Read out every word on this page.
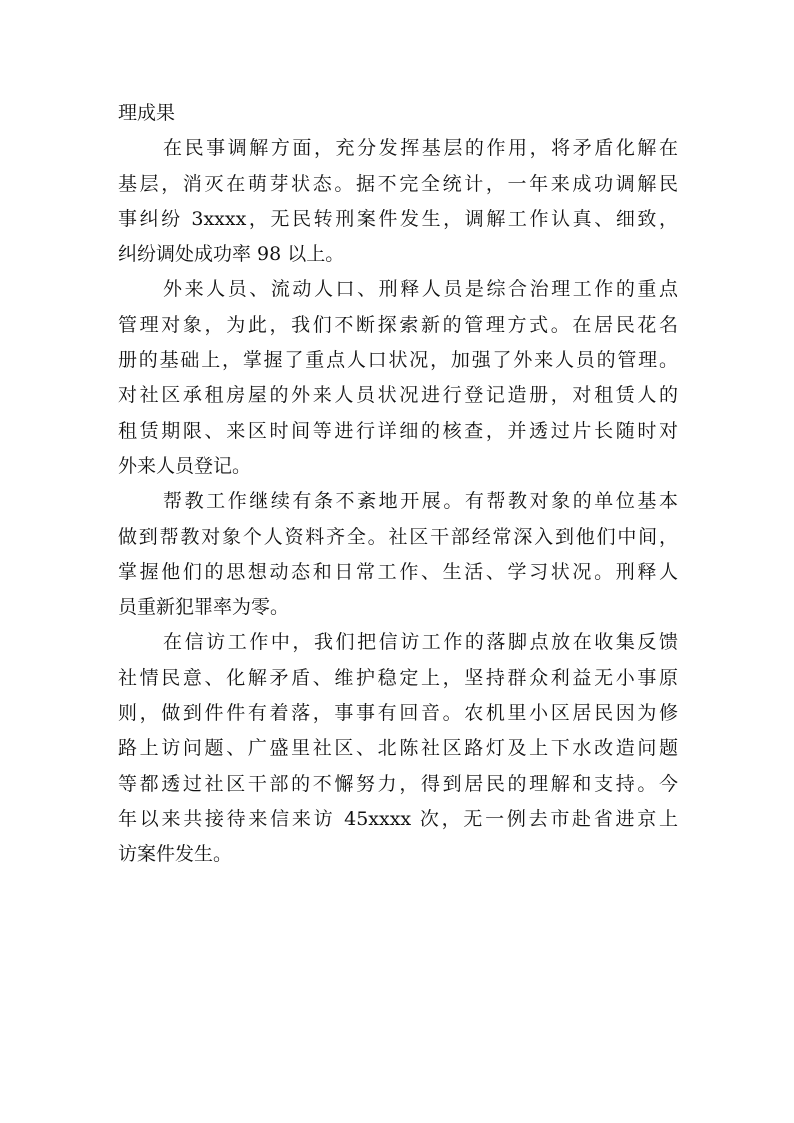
理成果
在民事调解方面，充分发挥基层的作用，将矛盾化解在
基层，消灭在萌芽状态。据不完全统计，一年来成功调解民
事纠纷 3xxxx，无民转刑案件发生，调解工作认真、细致，
纠纷调处成功率 98 以上。
外来人员、流动人口、刑释人员是综合治理工作的重点
管理对象，为此，我们不断探索新的管理方式。在居民花名
册的基础上，掌握了重点人口状况，加强了外来人员的管理。
对社区承租房屋的外来人员状况进行登记造册，对租赁人的
租赁期限、来区时间等进行详细的核查，并透过片长随时对
外来人员登记。
帮教工作继续有条不紊地开展。有帮教对象的单位基本
做到帮教对象个人资料齐全。社区干部经常深入到他们中间，
掌握他们的思想动态和日常工作、生活、学习状况。刑释人
员重新犯罪率为零。
在信访工作中，我们把信访工作的落脚点放在收集反馈
社情民意、化解矛盾、维护稳定上，坚持群众利益无小事原
则，做到件件有着落，事事有回音。农机里小区居民因为修
路上访问题、广盛里社区、北陈社区路灯及上下水改造问题
等都透过社区干部的不懈努力，得到居民的理解和支持。今
年以来共接待来信来访 45xxxx 次，无一例去市赴省进京上
访案件发生。
